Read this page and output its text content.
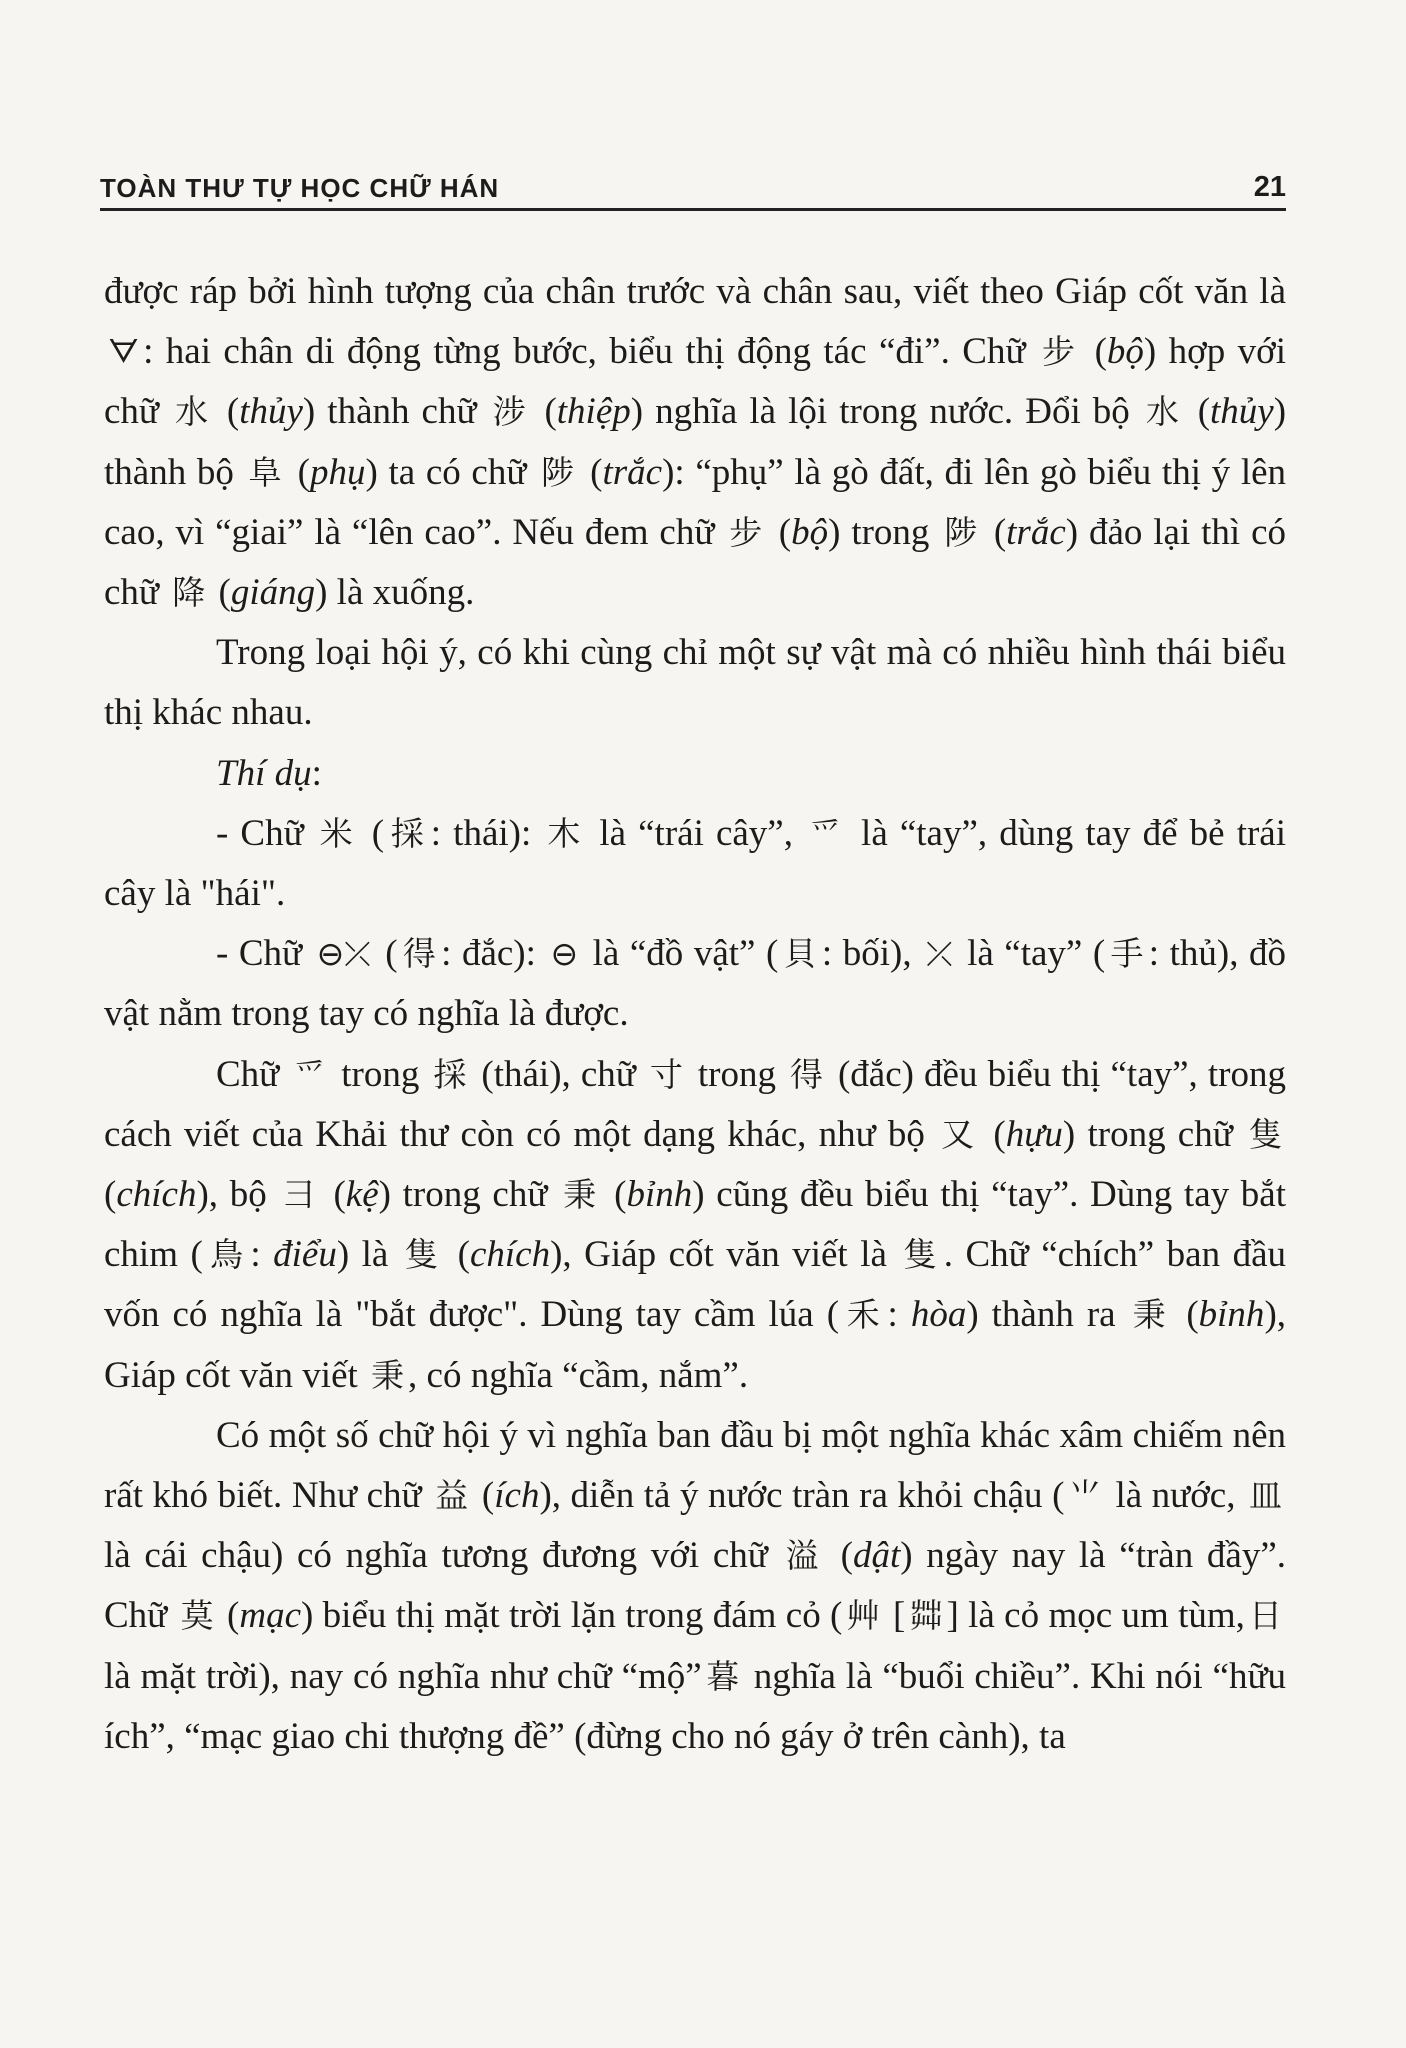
TOÀN THƯ TỰ HỌC CHỮ HÁN	21

được ráp bởi hình tượng của chân trước và chân sau, viết theo Giáp cốt văn là ᗊ : hai chân di động từng bước, biểu thị động tác “đi”. Chữ 步 (bộ) hợp với chữ 水 (thủy) thành chữ 涉 (thiệp) nghĩa là lội trong nước. Đổi bộ 水 (thủy) thành bộ 阜 (phụ) ta có chữ 陟 (trắc): “phụ” là gò đất, đi lên gò biểu thị ý lên cao, vì “giai” là “lên cao”. Nếu đem chữ 步 (bộ) trong 陟 (trắc) đảo lại thì có chữ 降 (giáng) là xuống.

Trong loại hội ý, có khi cùng chỉ một sự vật mà có nhiều hình thái biểu thị khác nhau.

Thí dụ:

- Chữ ⽶ ( 採 : thái): 木 là “trái cây”, 爫 là “tay”, dùng tay để bẻ trái cây là "hái".

- Chữ ⊖⤫ ( 得 : đắc): ⊖ là “đồ vật” ( 貝 : bối), ⤫ là “tay” ( 手 : thủ), đồ vật nằm trong tay có nghĩa là được.

Chữ 爫 trong 採 (thái), chữ 寸 trong 得 (đắc) đều biểu thị “tay”, trong cách viết của Khải thư còn có một dạng khác, như bộ 又 (hựu) trong chữ 隻 (chích), bộ 彐 (kệ) trong chữ 秉 (bỉnh) cũng đều biểu thị “tay”. Dùng tay bắt chim ( 鳥 : điểu) là 隻 (chích), Giáp cốt văn viết là 隻 . Chữ “chích” ban đầu vốn có nghĩa là "bắt được". Dùng tay cầm lúa ( 禾 : hòa) thành ra 秉 (bỉnh), Giáp cốt văn viết 秉 , có nghĩa “cầm, nắm”.

Có một số chữ hội ý vì nghĩa ban đầu bị một nghĩa khác xâm chiếm nên rất khó biết. Như chữ 益 (ích), diễn tả ý nước tràn ra khỏi chậu ( ⺌ là nước, 皿 là cái chậu) có nghĩa tương đương với chữ 溢 (dật) ngày nay là “tràn đầy”. Chữ 莫 (mạc) biểu thị mặt trời lặn trong đám cỏ ( 艸 [ 茻 ] là cỏ mọc um tùm, 日 là mặt trời), nay có nghĩa như chữ “mộ” 暮 nghĩa là “buổi chiều”. Khi nói “hữu ích”, “mạc giao chi thượng đề” (đừng cho nó gáy ở trên cành), ta
